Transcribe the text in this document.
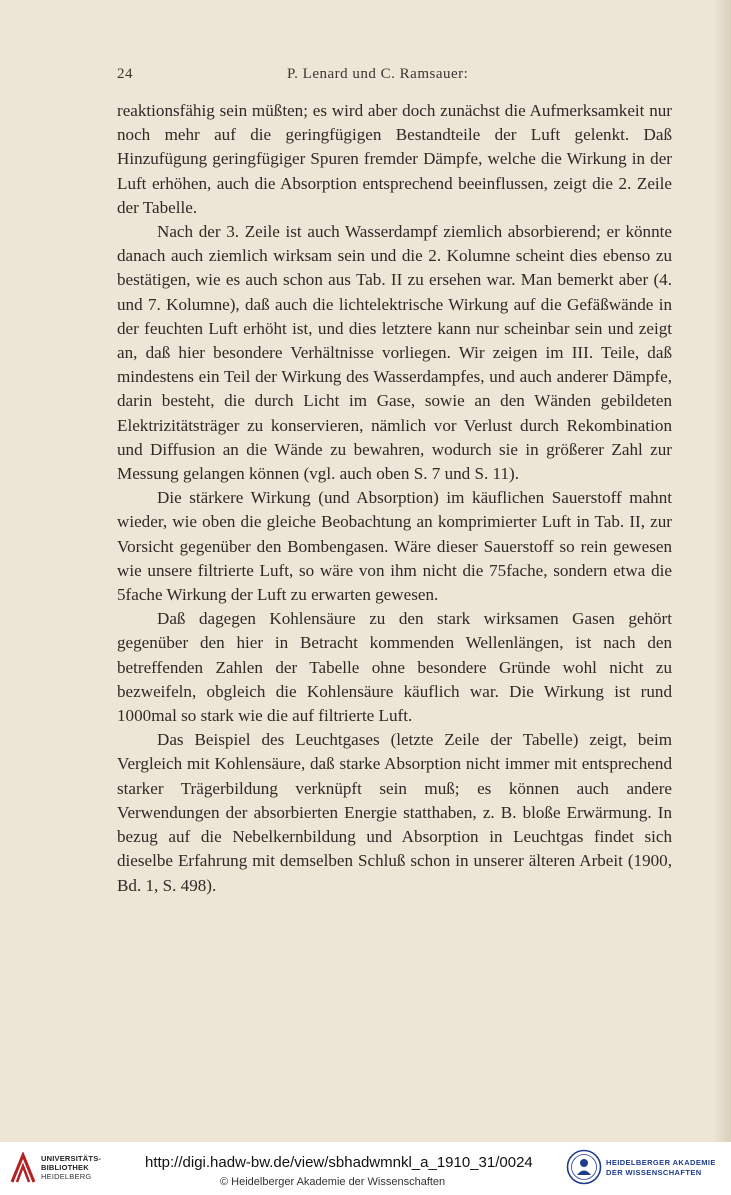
24	P. Lenard und C. Ramsauer:

reaktionsfähig sein müßten; es wird aber doch zunächst die Aufmerksamkeit nur noch mehr auf die geringfügigen Bestandteile der Luft gelenkt. Daß Hinzufügung geringfügiger Spuren fremder Dämpfe, welche die Wirkung in der Luft erhöhen, auch die Absorption entsprechend beeinflussen, zeigt die 2. Zeile der Tabelle.

Nach der 3. Zeile ist auch Wasserdampf ziemlich absorbierend; er könnte danach auch ziemlich wirksam sein und die 2. Kolumne scheint dies ebenso zu bestätigen, wie es auch schon aus Tab. II zu ersehen war. Man bemerkt aber (4. und 7. Kolumne), daß auch die lichtelektrische Wirkung auf die Gefäßwände in der feuchten Luft erhöht ist, und dies letztere kann nur scheinbar sein und zeigt an, daß hier besondere Verhältnisse vorliegen. Wir zeigen im III. Teile, daß mindestens ein Teil der Wirkung des Wasserdampfes, und auch anderer Dämpfe, darin besteht, die durch Licht im Gase, sowie an den Wänden gebildeten Elektrizitätsträger zu konservieren, nämlich vor Verlust durch Rekombination und Diffusion an die Wände zu bewahren, wodurch sie in größerer Zahl zur Messung gelangen können (vgl. auch oben S. 7 und S. 11).

Die stärkere Wirkung (und Absorption) im käuflichen Sauerstoff mahnt wieder, wie oben die gleiche Beobachtung an komprimierter Luft in Tab. II, zur Vorsicht gegenüber den Bombengasen. Wäre dieser Sauerstoff so rein gewesen wie unsere filtrierte Luft, so wäre von ihm nicht die 75fache, sondern etwa die 5fache Wirkung der Luft zu erwarten gewesen.

Daß dagegen Kohlensäure zu den stark wirksamen Gasen gehört gegenüber den hier in Betracht kommenden Wellenlängen, ist nach den betreffenden Zahlen der Tabelle ohne besondere Gründe wohl nicht zu bezweifeln, obgleich die Kohlensäure käuflich war. Die Wirkung ist rund 1000mal so stark wie die auf filtrierte Luft.

Das Beispiel des Leuchtgases (letzte Zeile der Tabelle) zeigt, beim Vergleich mit Kohlensäure, daß starke Absorption nicht immer mit entsprechend starker Trägerbildung verknüpft sein muß; es können auch andere Verwendungen der absorbierten Energie statthaben, z. B. bloße Erwärmung. In bezug auf die Nebelkernbildung und Absorption in Leuchtgas findet sich dieselbe Erfahrung mit demselben Schluß schon in unserer älteren Arbeit (1900, Bd. 1, S. 498).

UNIVERSITÄTS-
BIBLIOTHEK
HEIDELBERG
http://digi.hadw-bw.de/view/sbhadwmnkl_a_1910_31/0024
© Heidelberger Akademie der Wissenschaften
HEIDELBERGER AKADEMIE
DER WISSENSCHAFTEN
